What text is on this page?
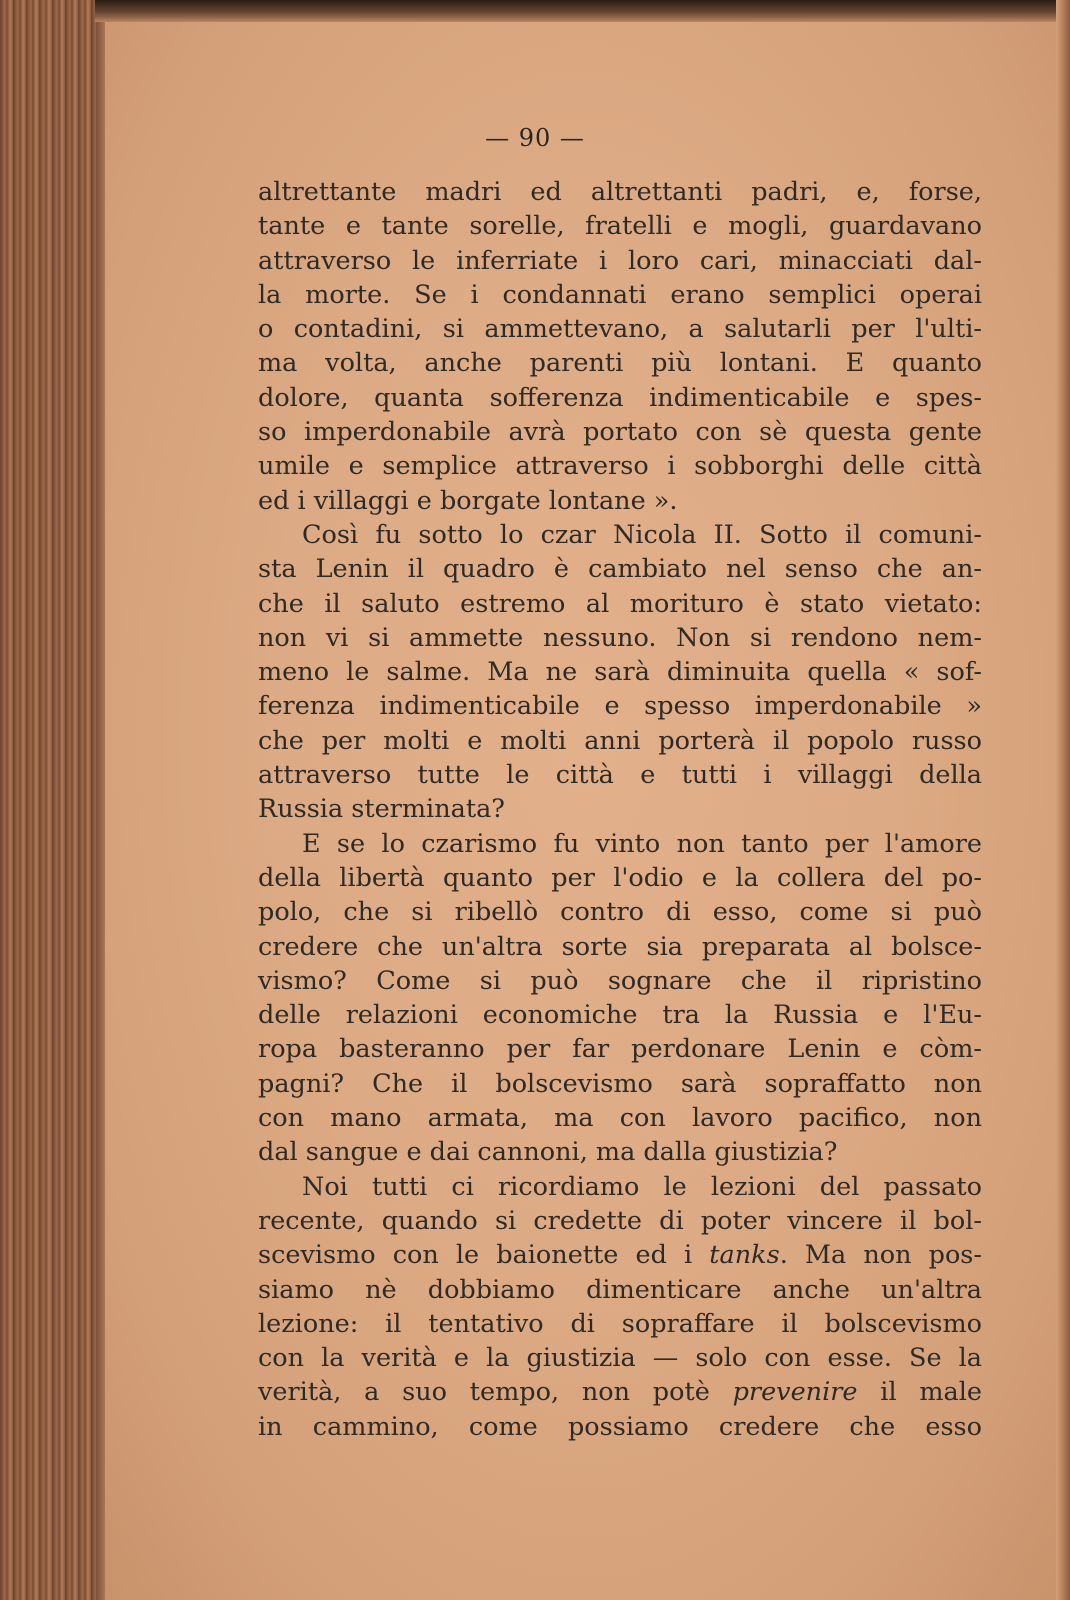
— 90 —
altrettante madri ed altrettanti padri, e, forse,
tante e tante sorelle, fratelli e mogli, guardavano
attraverso le inferriate i loro cari, minacciati dal-
la morte. Se i condannati erano semplici operai
o contadini, si ammettevano, a salutarli per l'ulti-
ma volta, anche parenti più lontani. E quanto
dolore, quanta sofferenza indimenticabile e spes-
so imperdonabile avrà portato con sè questa gente
umile e semplice attraverso i sobborghi delle città
ed i villaggi e borgate lontane ».
Così fu sotto lo czar Nicola II. Sotto il comuni-
sta Lenin il quadro è cambiato nel senso che an-
che il saluto estremo al morituro è stato vietato:
non vi si ammette nessuno. Non si rendono nem-
meno le salme. Ma ne sarà diminuita quella « sof-
ferenza indimenticabile e spesso imperdonabile »
che per molti e molti anni porterà il popolo russo
attraverso tutte le città e tutti i villaggi della
Russia sterminata?
E se lo czarismo fu vinto non tanto per l'amore
della libertà quanto per l'odio e la collera del po-
polo, che si ribellò contro di esso, come si può
credere che un'altra sorte sia preparata al bolsce-
vismo? Come si può sognare che il ripristino
delle relazioni economiche tra la Russia e l'Eu-
ropa basteranno per far perdonare Lenin e còm-
pagni? Che il bolscevismo sarà sopraffatto non
con mano armata, ma con lavoro pacifico, non
dal sangue e dai cannoni, ma dalla giustizia?
Noi tutti ci ricordiamo le lezioni del passato
recente, quando si credette di poter vincere il bol-
scevismo con le baionette ed i tanks. Ma non pos-
siamo nè dobbiamo dimenticare anche un'altra
lezione: il tentativo di sopraffare il bolscevismo
con la verità e la giustizia — solo con esse. Se la
verità, a suo tempo, non potè prevenire il male
in cammino, come possiamo credere che esso
